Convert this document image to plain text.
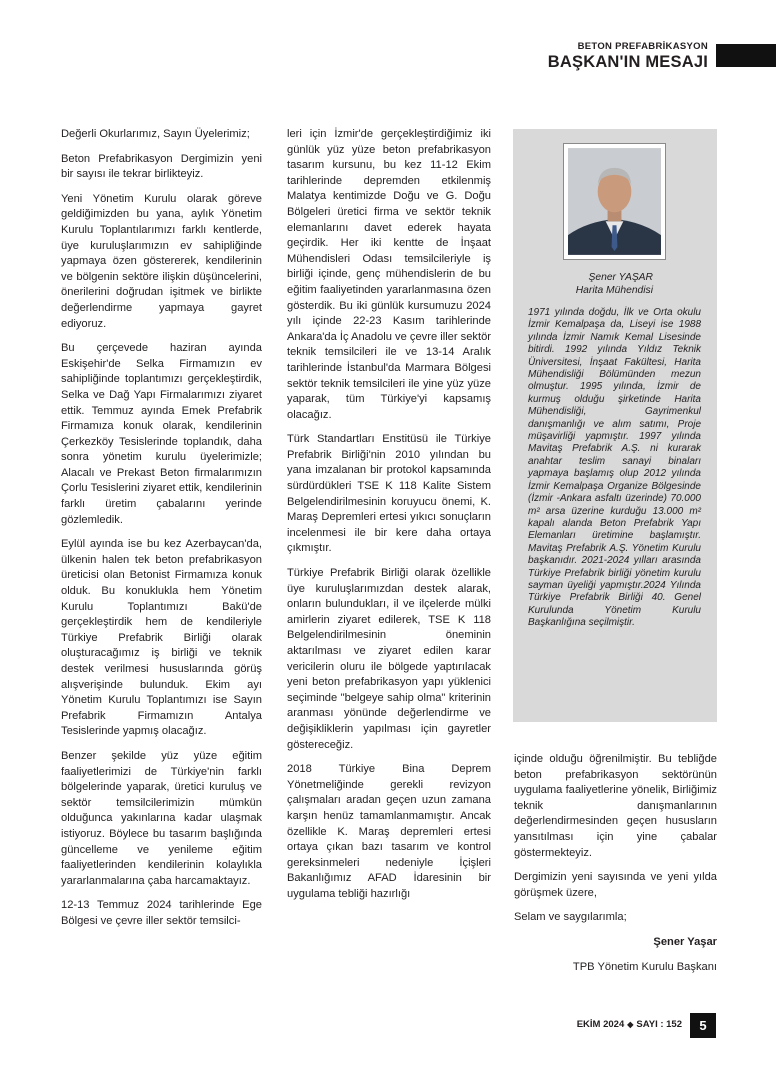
BETON PREFABRİKASYON
BAŞKAN'IN MESAJI

Değerli Okurlarımız, Sayın Üyelerimiz;

Beton Prefabrikasyon Dergimizin yeni bir sayısı ile tekrar birlikteyiz.

Yeni Yönetim Kurulu olarak göreve geldiğimizden bu yana, aylık Yönetim Kurulu Toplantılarımızı farklı kentlerde, üye kuruluşlarımızın ev sahipliğinde yapmaya özen göstererek, kendilerinin ve bölgenin sektöre ilişkin düşüncelerini, önerilerini doğrudan işitmek ve birlikte değerlendirme yapmaya gayret ediyoruz.

Bu çerçevede haziran ayında Eskişehir'de Selka Firmamızın ev sahipliğinde toplantımızı gerçekleştirdik, Selka ve Dağ Yapı Firmalarımızı ziyaret ettik. Temmuz ayında Emek Prefabrik Firmamıza konuk olarak, kendilerinin Çerkezköy Tesislerinde toplandık, daha sonra yönetim kurulu üyelerimizle; Alacalı ve Prekast Beton firmalarımızın Çorlu Tesislerini ziyaret ettik, kendilerinin farklı üretim çabalarını yerinde gözlemledik.

Eylül ayında ise bu kez Azerbaycan'da, ülkenin halen tek beton prefabrikasyon üreticisi olan Betonist Firmamıza konuk olduk. Bu konukluklа hem Yönetim Kurulu Toplantımızı Bakü'de gerçekleştirdik hem de kendileriyle Türkiye Prefabrik Birliği olarak oluşturacağımız iş birliği ve teknik destek verilmesi hususlarında görüş alışverişinde bulunduk. Ekim ayı Yönetim Kurulu Toplantımızı ise Sayın Prefabrik Firmamızın Antalya Tesislerinde yapmış olacağız.

Benzer şekilde yüz yüze eğitim faaliyetlerimizi de Türkiye'nin farklı bölgelerinde yaparak, üretici kuruluş ve sektör temsilcilerimizin mümkün olduğunca yakınlarına kadar ulaşmak istiyoruz. Böylece bu tasarım başlığında güncelleme ve yenileme eğitim faaliyetlerinden kendilerinin kolaylıkla yararlanmalarına çaba harcamaktayız.

12-13 Temmuz 2024 tarihlerinde Ege Bölgesi ve çevre iller sektör temsilci-

leri için İzmir'de gerçekleştirdiğimiz iki günlük yüz yüze beton prefabrikasyon tasarım kursunu, bu kez 11-12 Ekim tarihlerinde depremden etkilenmiş Malatya kentimizde Doğu ve G. Doğu Bölgeleri üretici firma ve sektör teknik elemanlarını davet ederek hayata geçirdik. Her iki kentte de İnşaat Mühendisleri Odası temsilcileriyle iş birliği içinde, genç mühendislerin de bu eğitim faaliyetinden yararlanmasına özen gösterdik. Bu iki günlük kursumuzu 2024 yılı içinde 22-23 Kasım tarihlerinde Ankara'da İç Anadolu ve çevre iller sektör teknik temsilcileri ile ve 13-14 Aralık tarihlerinde İstanbul'da Marmara Bölgesi sektör teknik temsilcileri ile yine yüz yüze yaparak, tüm Türkiye'yi kapsamış olacağız.

Türk Standartları Enstitüsü ile Türkiye Prefabrik Birliği'nin 2010 yılından bu yana imzalanan bir protokol kapsamında sürdürdükleri TSE K 118 Kalite Sistem Belgelendirilmesinin koruyucu önemi, K. Maraş Depremleri ertesi yıkıcı sonuçların incelenmesi ile bir kere daha ortaya çıkmıştır.

Türkiye Prefabrik Birliği olarak özellikle üye kuruluşlarımızdan destek alarak, onların bulundukları, il ve ilçelerde mülki amirlerin ziyaret edilerek, TSE K 118 Belgelendirilmesinin öneminin aktarılması ve ziyaret edilen karar vericilerin oluru ile bölgede yaptırılacak yeni beton prefabrikasyon yapı yüklenici seçiminde "belgeye sahip olma" kriterinin aranması yönünde değerlendirme ve değişikliklerin yapılması için gayretler göstereceğiz.

2018 Türkiye Bina Deprem Yönetmeliğinde gerekli revizyon çalışmaları aradan geçen uzun zamana karşın henüz tamamlanmamıştır. Ancak özellikle K. Maraş depremleri ertesi ortaya çıkan bazı tasarım ve kontrol gereksinmeleri nedeniyle İçişleri Bakanlığımız AFAD İdaresinin bir uygulama tebliği hazırlığı

Şener YAŞAR
Harita Mühendisi
1971 yılında doğdu, İlk ve Orta okulu İzmir Kemalpaşa da, Liseyi ise 1988 yılında İzmir Namık Kemal Lisesinde bitirdi. 1992 yılında Yıldız Teknik Üniversitesi, İnşaat Fakültesi, Harita Mühendisliği Bölümünden mezun olmuştur. 1995 yılında, İzmir de kurmuş olduğu şirketinde Harita Mühendisliği, Gayrimenkul danışmanlığı ve alım satımı, Proje müşavirliği yapmıştır. 1997 yılında Mavitaş Prefabrik A.Ş. ni kurarak anahtar teslim sanayi binaları yapmaya başlamış olup 2012 yılında İzmir Kemalpaşa Organize Bölgesinde (İzmir -Ankara asfaltı üzerinde) 70.000 m² arsa üzerine kurduğu 13.000 m² kapalı alanda Beton Prefabrik Yapı Elemanları üretimine başlamıştır. Mavitaş Prefabrik A.Ş. Yönetim Kurulu başkanıdır. 2021-2024 yılları arasında Türkiye Prefabrik birliği yönetim kurulu sayman üyeliği yapmıştır.2024 Yılında Türkiye Prefabrik Birliği 40. Genel Kurulunda Yönetim Kurulu Başkanlığına seçilmiştir.

içinde olduğu öğrenilmiştir. Bu tebliğde beton prefabrikasyon sektörünün uygulama faaliyetlerine yönelik, Birliğimiz teknik danışmanlarının değerlendirmesinden geçen hususların yansıtılması için yine çabalar göstermekteyiz.

Dergimizin yeni sayısında ve yeni yılda görüşmek üzere,

Selam ve saygılarımla;

Şener Yaşar

TPB Yönetim Kurulu Başkanı

EKİM 2024 ◆ SAYI : 152	5
